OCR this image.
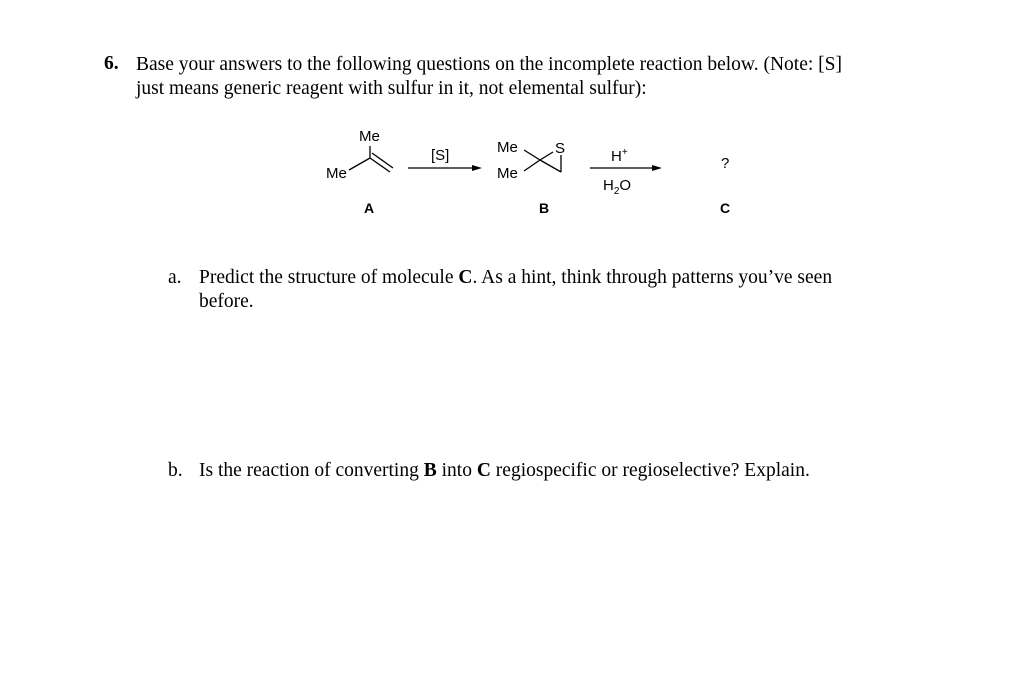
6. Base your answers to the following questions on the incomplete reaction below. (Note: [S]
just means generic reagent with sulfur in it, not elemental sulfur):
Me
Me
A
[S]	Me
Me
S
B
H+
$H_2O$
?
C
a. Predict the structure of molecule C. As a hint, think through patterns you’ve seen
before.
b. Is the reaction of converting B into C regiospecific or regioselective? Explain.
